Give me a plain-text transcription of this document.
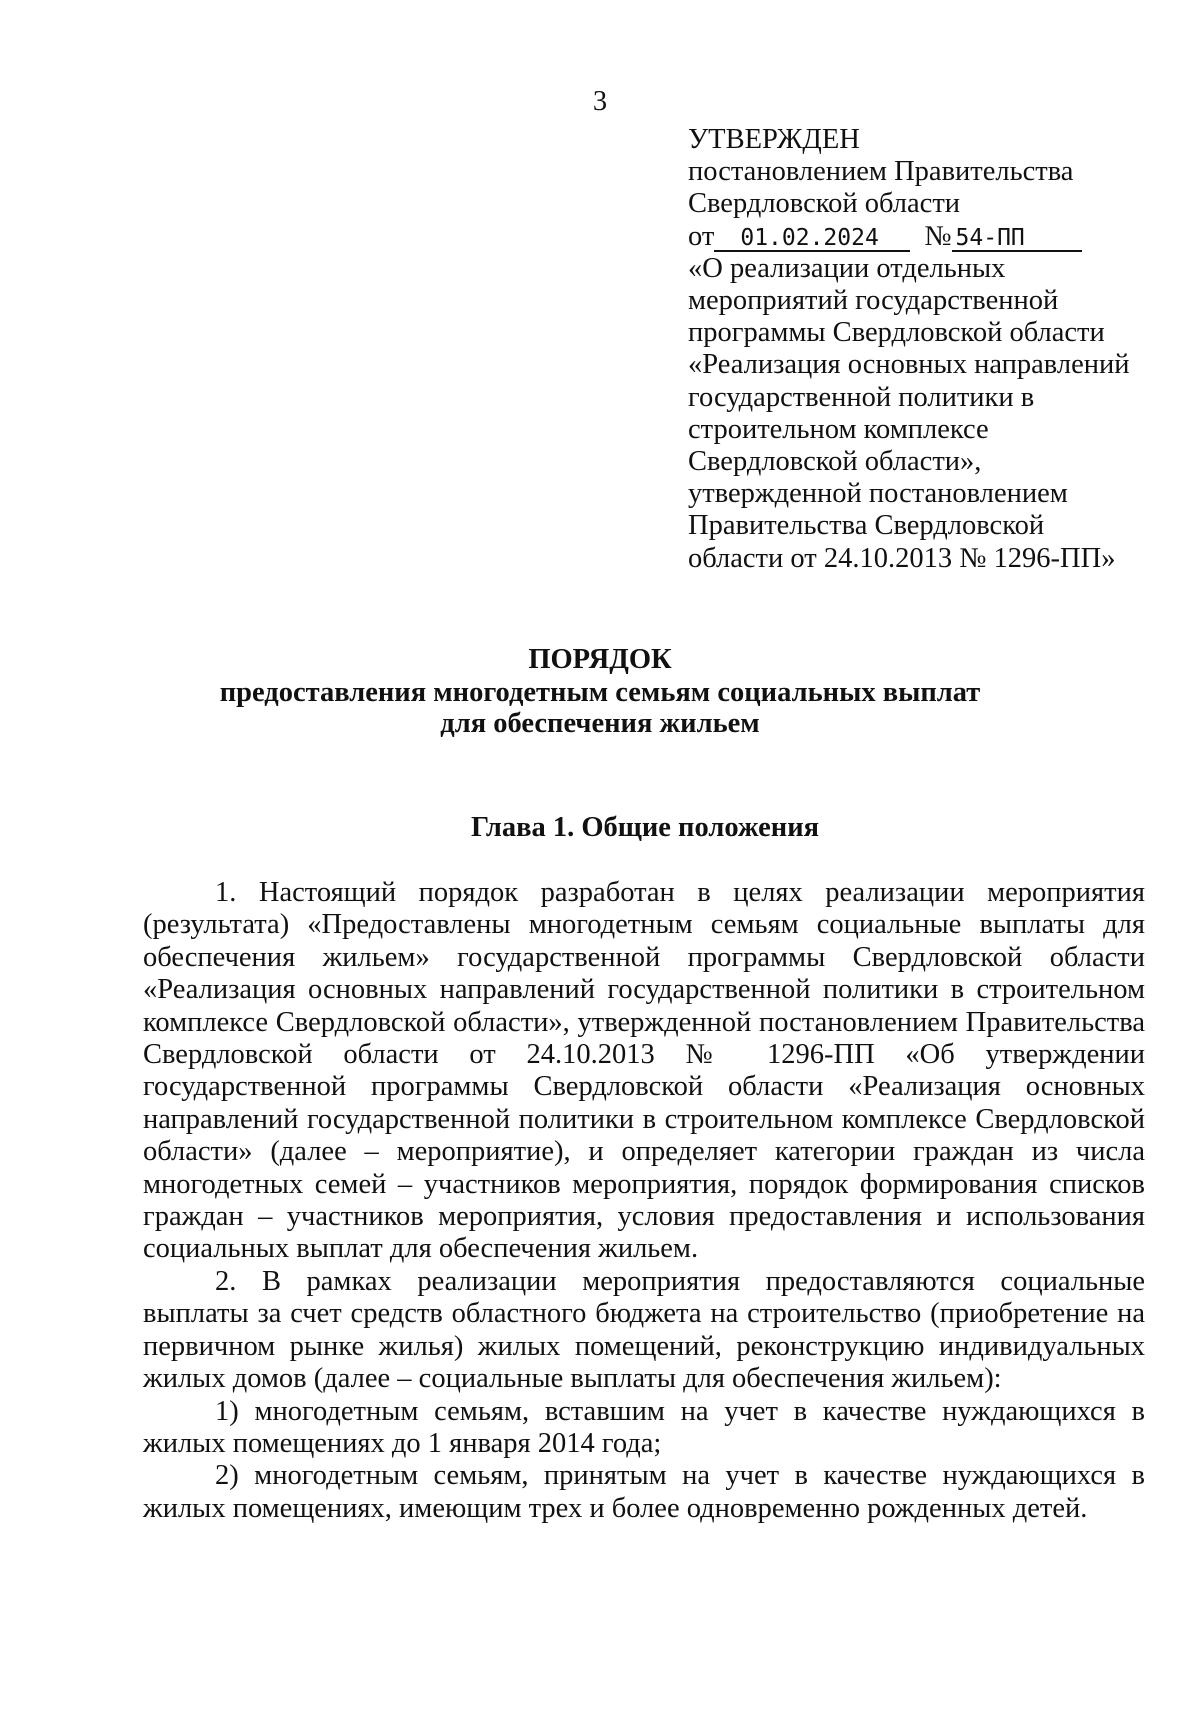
3
УТВЕРЖДЕН
постановлением Правительства
Свердловской области
от 01.02.2024 № 54-ПП
«О реализации отдельных
мероприятий государственной
программы Свердловской области
«Реализация основных направлений
государственной политики в
строительном комплексе
Свердловской области»,
утвержденной постановлением
Правительства Свердловской
области от 24.10.2013 № 1296-ПП»
ПОРЯДОК
предоставления многодетным семьям социальных выплат
для обеспечения жильем
Глава 1. Общие положения

1. Настоящий порядок разработан в целях реализации мероприятия (результата) «Предоставлены многодетным семьям социальные выплаты для обеспечения жильем» государственной программы Свердловской области «Реализация основных направлений государственной политики в строительном комплексе Свердловской области», утвержденной постановлением Правительства Свердловской области от 24.10.2013 № 1296-ПП «Об утверждении государственной программы Свердловской области «Реализация основных направлений государственной политики в строительном комплексе Свердловской области» (далее – мероприятие), и определяет категории граждан из числа многодетных семей – участников мероприятия, порядок формирования списков граждан – участников мероприятия, условия предоставления и использования социальных выплат для обеспечения жильем.

2. В рамках реализации мероприятия предоставляются социальные выплаты за счет средств областного бюджета на строительство (приобретение на первичном рынке жилья) жилых помещений, реконструкцию индивидуальных жилых домов (далее – социальные выплаты для обеспечения жильем):

1) многодетным семьям, вставшим на учет в качестве нуждающихся в жилых помещениях до 1 января 2014 года;

2) многодетным семьям, принятым на учет в качестве нуждающихся в жилых помещениях, имеющим трех и более одновременно рожденных детей.
